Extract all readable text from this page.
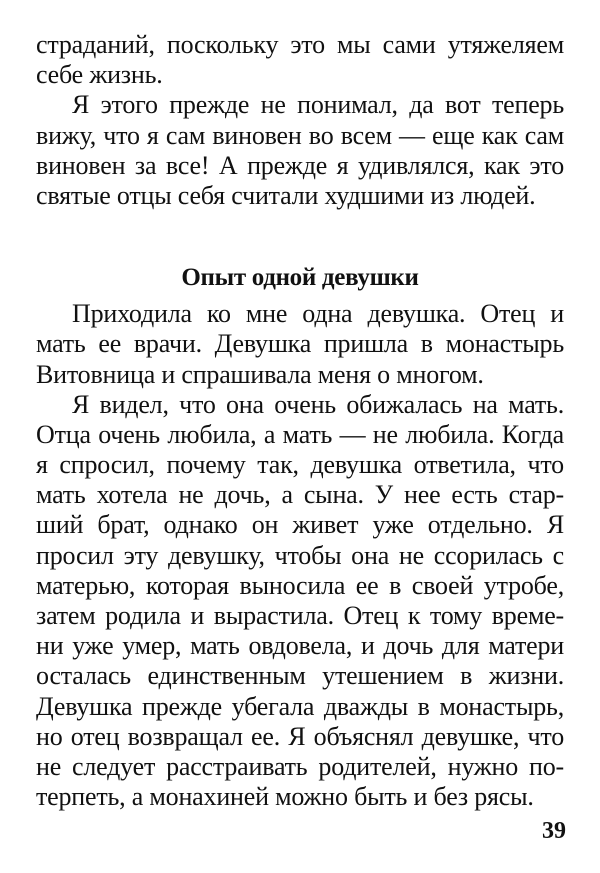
страданий, поскольку это мы сами утяжеляем
себе жизнь.
Я этого прежде не понимал, да вот теперь
вижу, что я сам виновен во всем — еще как сам
виновен за все! А прежде я удивлялся, как это
святые отцы себя считали худшими из людей.
Опыт одной девушки
Приходила ко мне одна девушка. Отец и
мать ее врачи. Девушка пришла в монастырь
Витовница и спрашивала меня о многом.
Я видел, что она очень обижалась на мать.
Отца очень любила, а мать — не любила. Когда
я спросил, почему так, девушка ответила, что
мать хотела не дочь, а сына. У нее есть стар-
ший брат, однако он живет уже отдельно. Я
просил эту девушку, чтобы она не ссорилась с
матерью, которая выносила ее в своей утробе,
затем родила и вырастила. Отец к тому време-
ни уже умер, мать овдовела, и дочь для матери
осталась единственным утешением в жизни.
Девушка прежде убегала дважды в монастырь,
но отец возвращал ее. Я объяснял девушке, что
не следует расстраивать родителей, нужно по-
терпеть, а монахиней можно быть и без рясы.
39
